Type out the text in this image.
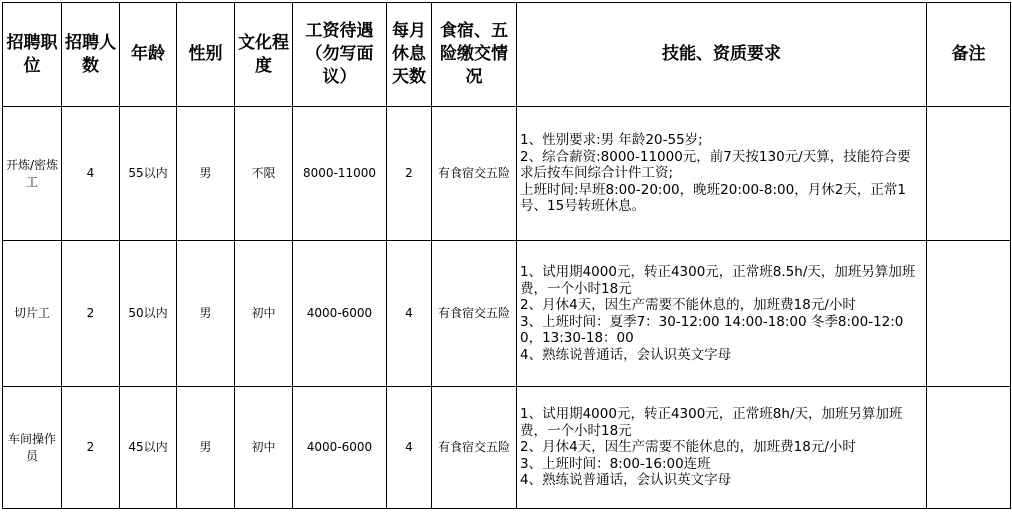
招聘职位	招聘人数	年龄	性别	文化程度	工资待遇（勿写面议）	每月休息天数	食宿、五险缴交情况	技能、资质要求	备注
开炼/密炼工	4	55以内	男	不限	8000-11000	2	有食宿交五险	1、性别要求:男 年龄20-55岁;
2、综合薪资:8000-11000元，前7天按130元/天算，技能符合要求后按车间综合计件工资;
上班时间:早班8:00-20:00，晚班20:00-8:00，月休2天，正常1号、15号转班休息。	

切片工	2	50以内	男	初中	4000-6000	4	有食宿交五险	1、试用期4000元，转正4300元，正常班8.5h/天，加班另算加班费，一个小时18元
2、月休4天，因生产需要不能休息的，加班费18元/小时
3、上班时间：夏季7：30-12:00 14:00-18:00 冬季8:00-12:00，13:30-18：00
4、熟练说普通话，会认识英文字母	

车间操作员	2	45以内	男	初中	4000-6000	4	有食宿交五险	1、试用期4000元，转正4300元，正常班8h/天，加班另算加班费，一个小时18元
2、月休4天，因生产需要不能休息的，加班费18元/小时
3、上班时间：8:00-16:00连班
4、熟练说普通话，会认识英文字母	
